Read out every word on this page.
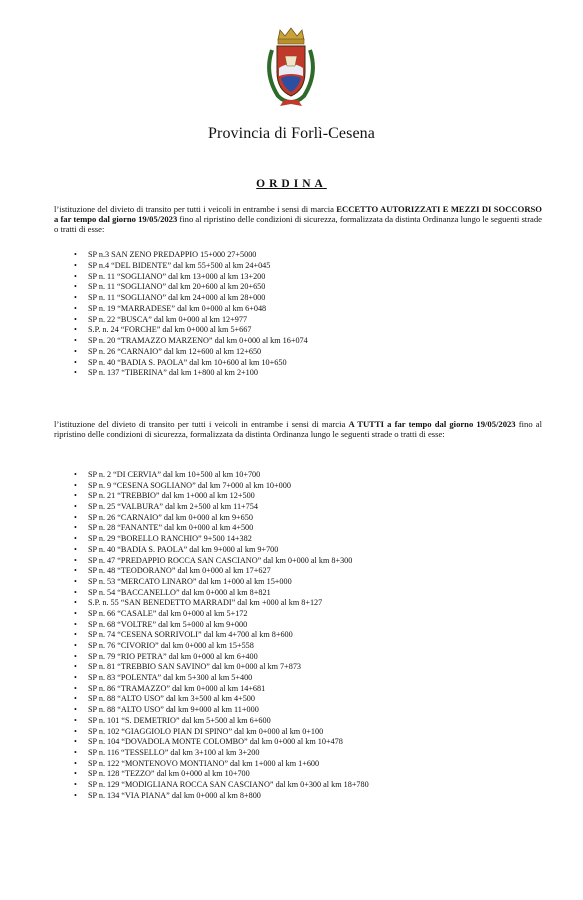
Provincia di Forlì-Cesena
ORDINA
l’istituzione del divieto di transito per tutti i veicoli in entrambe i sensi di marcia ECCETTO AUTORIZZATI E MEZZI DI SOCCORSO a far tempo dal giorno 19/05/2023 fino al ripristino delle condizioni di sicurezza, formalizzata da distinta Ordinanza lungo le seguenti strade o tratti di esse:
• SP n.3 SAN ZENO PREDAPPIO 15+000 27+5000
• SP n.4 “DEL BIDENTE” dal km 55+500 al km 24+045
• SP n. 11 “SOGLIANO” dal km 13+000 al km 13+200
• SP n. 11 “SOGLIANO” dal km 20+600 al km 20+650
• SP n. 11 “SOGLIANO” dal km 24+000 al km 28+000
• SP n. 19 “MARRADESE” dal km 0+000 al km 6+048
• SP n. 22 “BUSCA” dal km 0+000 al km 12+977
• S.P. n. 24 “FORCHE” dal km 0+000 al km 5+667
• SP n. 20 “TRAMAZZO MARZENO” dal km 0+000 al km 16+074
• SP n. 26 “CARNAIO” dal km 12+600 al km 12+650
• SP n. 40 “BADIA S. PAOLA” dal km 10+600 al km 10+650
• SP n. 137 “TIBERINA” dal km 1+800 al km 2+100
l’istituzione del divieto di transito per tutti i veicoli in entrambe i sensi di marcia A TUTTI a far tempo dal giorno 19/05/2023 fino al ripristino delle condizioni di sicurezza, formalizzata da distinta Ordinanza lungo le seguenti strade o tratti di esse:
• SP n. 2 “DI CERVIA” dal km 10+500 al km 10+700
• SP n. 9 “CESENA SOGLIANO” dal km 7+000 al km 10+000
• SP n. 21 “TREBBIO” dal km 1+000 al km 12+500
• SP n. 25 “VALBURA” dal km 2+500 al km 11+754
• SP n. 26 “CARNAIO” dal km 0+000 al km 9+650
• SP n. 28 “FANANTE” dal km 0+000 al km 4+500
• SP n. 29 “BORELLO RANCHIO” 9+500 14+382
• SP n. 40 “BADIA S. PAOLA” dal km 9+000 al km 9+700
• SP n. 47 “PREDAPPIO ROCCA SAN CASCIANO” dal km 0+000 al km 8+300
• SP n. 48 “TEODORANO” dal km 0+000 al km 17+627
• SP n. 53 “MERCATO LINARO” dal km 1+000 al km 15+000
• SP n. 54 “BACCANELLO” dal km 0+000 al km 8+821
• S.P. n. 55 “SAN BENEDETTO MARRADI” dal km +000 al km 8+127
• SP n. 66 “CASALE” dal km 0+000 al km 5+172
• SP n. 68 “VOLTRE” dal km 5+000 al km 9+000
• SP n. 74 “CESENA SORRIVOLI” dal km 4+700 al km 8+600
• SP n. 76 “CIVORIO” dal km 0+000 al km 15+558
• SP n. 79 “RIO PETRA” dal km 0+000 al km 6+400
• SP n. 81 “TREBBIO SAN SAVINO” dal km 0+000 al km 7+873
• SP n. 83 “POLENTA” dal km 5+300 al km 5+400
• SP n. 86 “TRAMAZZO” dal km 0+000 al km 14+681
• SP n. 88 “ALTO USO” dal km 3+500 al km 4+500
• SP n. 88 “ALTO USO” dal km 9+000 al km 11+000
• SP n. 101 “S. DEMETRIO” dal km 5+500 al km 6+600
• SP n. 102 “GIAGGIOLO PIAN DI SPINO” dal km 0+000 al km 0+100
• SP n. 104 “DOVADOLA MONTE COLOMBO” dal km 0+000 al km 10+478
• SP n. 116 “TESSELLO” dal km 3+100 al km 3+200
• SP n. 122 “MONTENOVO MONTIANO” dal km 1+000 al km 1+600
• SP n. 128 “TEZZO” dal km 0+000 al km 10+700
• SP n. 129 “MODIGLIANA ROCCA SAN CASCIANO” dal km 0+300 al km 18+780
• SP n. 134 “VIA PIANA” dal km 0+000 al km 8+800
